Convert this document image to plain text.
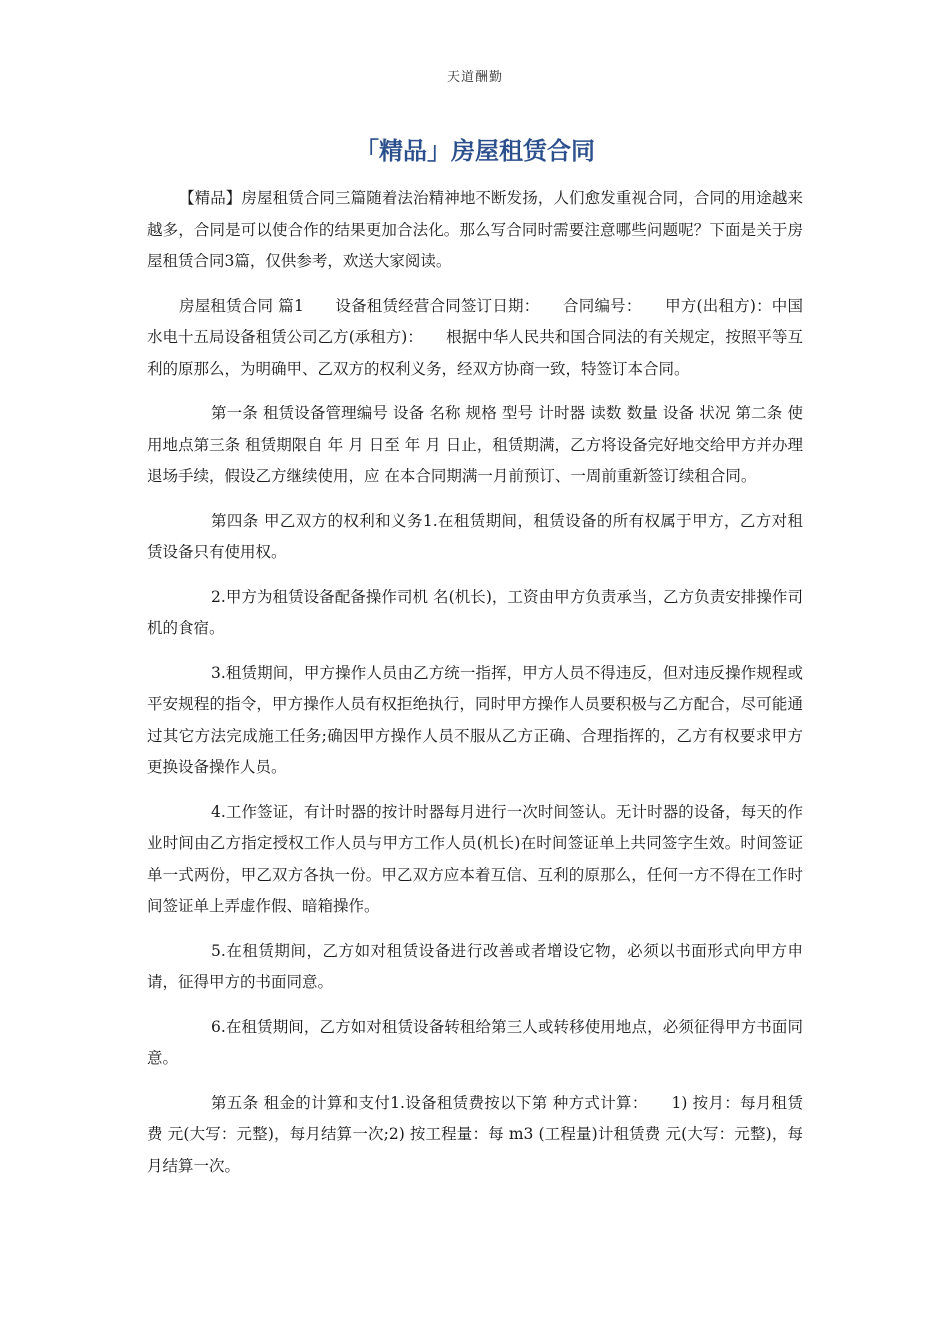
天道酬勤
「精品」房屋租赁合同

【精品】房屋租赁合同三篇随着法治精神地不断发扬，人们愈发重视合同，合同的用途越来越多，合同是可以使合作的结果更加合法化。那么写合同时需要注意哪些问题呢？下面是关于房屋租赁合同3篇，仅供参考，欢送大家阅读。

房屋租赁合同 篇1　　设备租赁经营合同签订日期：　　合同编号：　　甲方(出租方)：中国水电十五局设备租赁公司乙方(承租方)：　　根据中华人民共和国合同法的有关规定，按照平等互利的原那么，为明确甲、乙双方的权利义务，经双方协商一致，特签订本合同。

第一条 租赁设备管理编号 设备 名称 规格 型号 计时器 读数 数量 设备 状况 第二条 使用地点第三条 租赁期限自 年 月 日至 年 月 日止，租赁期满，乙方将设备完好地交给甲方并办理退场手续，假设乙方继续使用，应 在本合同期满一月前预订、一周前重新签订续租合同。

第四条 甲乙双方的权利和义务1.在租赁期间，租赁设备的所有权属于甲方，乙方对租赁设备只有使用权。

2.甲方为租赁设备配备操作司机 名(机长)，工资由甲方负责承当，乙方负责安排操作司机的食宿。

3.租赁期间，甲方操作人员由乙方统一指挥，甲方人员不得违反，但对违反操作规程或平安规程的指令，甲方操作人员有权拒绝执行，同时甲方操作人员要积极与乙方配合，尽可能通过其它方法完成施工任务;确因甲方操作人员不服从乙方正确、合理指挥的，乙方有权要求甲方更换设备操作人员。

4.工作签证，有计时器的按计时器每月进行一次时间签认。无计时器的设备，每天的作业时间由乙方指定授权工作人员与甲方工作人员(机长)在时间签证单上共同签字生效。时间签证单一式两份，甲乙双方各执一份。甲乙双方应本着互信、互利的原那么，任何一方不得在工作时间签证单上弄虚作假、暗箱操作。

5.在租赁期间，乙方如对租赁设备进行改善或者增设它物，必须以书面形式向甲方申请，征得甲方的书面同意。

6.在租赁期间，乙方如对租赁设备转租给第三人或转移使用地点，必须征得甲方书面同意。

第五条 租金的计算和支付1.设备租赁费按以下第 种方式计算：　　1) 按月：每月租赁费 元(大写：元整)，每月结算一次;2) 按工程量：每 m3 (工程量)计租赁费 元(大写：元整)，每月结算一次。
